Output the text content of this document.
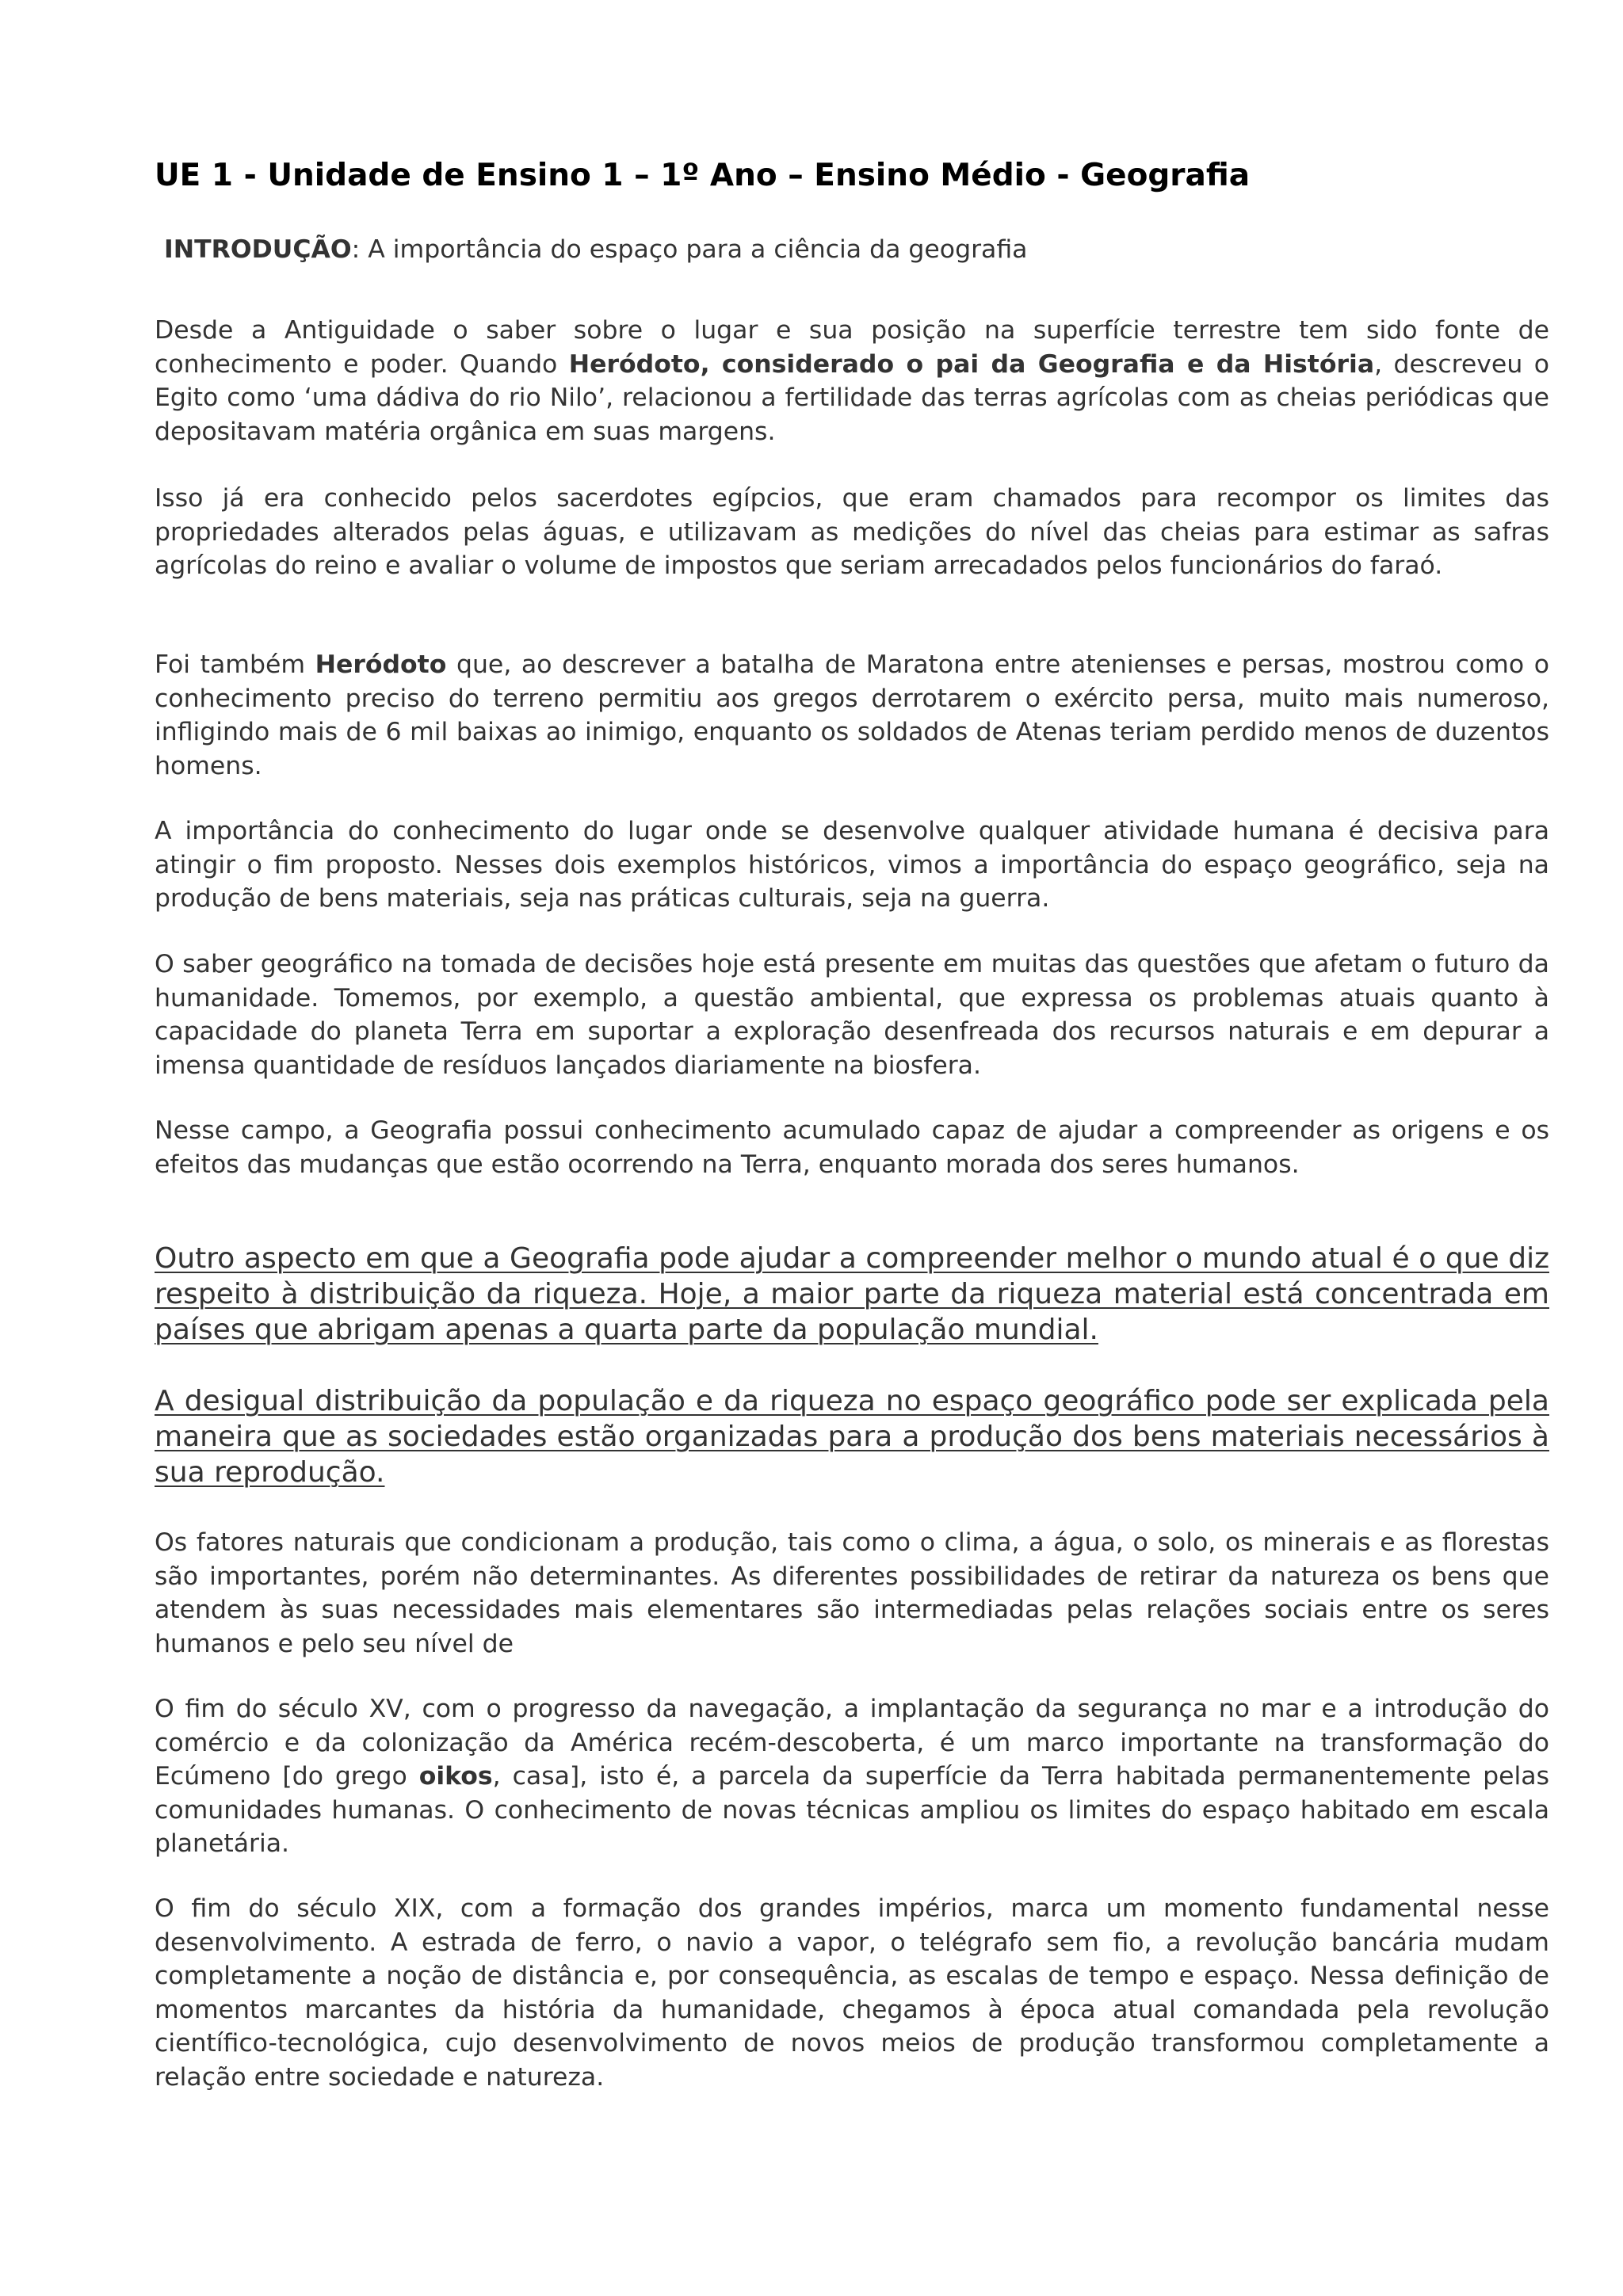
UE 1 - Unidade de Ensino 1 – 1º Ano – Ensino Médio - Geografia

INTRODUÇÃO: A importância do espaço para a ciência da geografia

Desde a Antiguidade o saber sobre o lugar e sua posição na superfície terrestre tem sido fonte de conhecimento e poder. Quando Heródoto, considerado o pai da Geografia e da História, descreveu o Egito como ‘uma dádiva do rio Nilo’, relacionou a fertilidade das terras agrícolas com as cheias periódicas que depositavam matéria orgânica em suas margens.

Isso já era conhecido pelos sacerdotes egípcios, que eram chamados para recompor os limites das propriedades alterados pelas águas, e utilizavam as medições do nível das cheias para estimar as safras agrícolas do reino e avaliar o volume de impostos que seriam arrecadados pelos funcionários do faraó.

Foi também Heródoto que, ao descrever a batalha de Maratona entre atenienses e persas, mostrou como o conhecimento preciso do terreno permitiu aos gregos derrotarem o exército persa, muito mais numeroso, infligindo mais de 6 mil baixas ao inimigo, enquanto os soldados de Atenas teriam perdido menos de duzentos homens.

A importância do conhecimento do lugar onde se desenvolve qualquer atividade humana é decisiva para atingir o fim proposto. Nesses dois exemplos históricos, vimos a importância do espaço geográfico, seja na produção de bens materiais, seja nas práticas culturais, seja na guerra.

O saber geográfico na tomada de decisões hoje está presente em muitas das questões que afetam o futuro da humanidade. Tomemos, por exemplo, a questão ambiental, que expressa os problemas atuais quanto à capacidade do planeta Terra em suportar a exploração desenfreada dos recursos naturais e em depurar a imensa quantidade de resíduos lançados diariamente na biosfera.

Nesse campo, a Geografia possui conhecimento acumulado capaz de ajudar a compreender as origens e os efeitos das mudanças que estão ocorrendo na Terra, enquanto morada dos seres humanos.

Outro aspecto em que a Geografia pode ajudar a compreender melhor o mundo atual é o que diz respeito à distribuição da riqueza. Hoje, a maior parte da riqueza material está concentrada em países que abrigam apenas a quarta parte da população mundial.

A desigual distribuição da população e da riqueza no espaço geográfico pode ser explicada pela maneira que as sociedades estão organizadas para a produção dos bens materiais necessários à sua reprodução.

Os fatores naturais que condicionam a produção, tais como o clima, a água, o solo, os minerais e as florestas são importantes, porém não determinantes. As diferentes possibilidades de retirar da natureza os bens que atendem às suas necessidades mais elementares são intermediadas pelas relações sociais entre os seres humanos e pelo seu nível de

O fim do século XV, com o progresso da navegação, a implantação da segurança no mar e a introdução do comércio e da colonização da América recém-descoberta, é um marco importante na transformação do Ecúmeno [do grego oikos, casa], isto é, a parcela da superfície da Terra habitada permanentemente pelas comunidades humanas. O conhecimento de novas técnicas ampliou os limites do espaço habitado em escala planetária.

O fim do século XIX, com a formação dos grandes impérios, marca um momento fundamental nesse desenvolvimento. A estrada de ferro, o navio a vapor, o telégrafo sem fio, a revolução bancária mudam completamente a noção de distância e, por consequência, as escalas de tempo e espaço. Nessa definição de momentos marcantes da história da humanidade, chegamos à época atual comandada pela revolução científico-tecnológica, cujo desenvolvimento de novos meios de produção transformou completamente a relação entre sociedade e natureza.
